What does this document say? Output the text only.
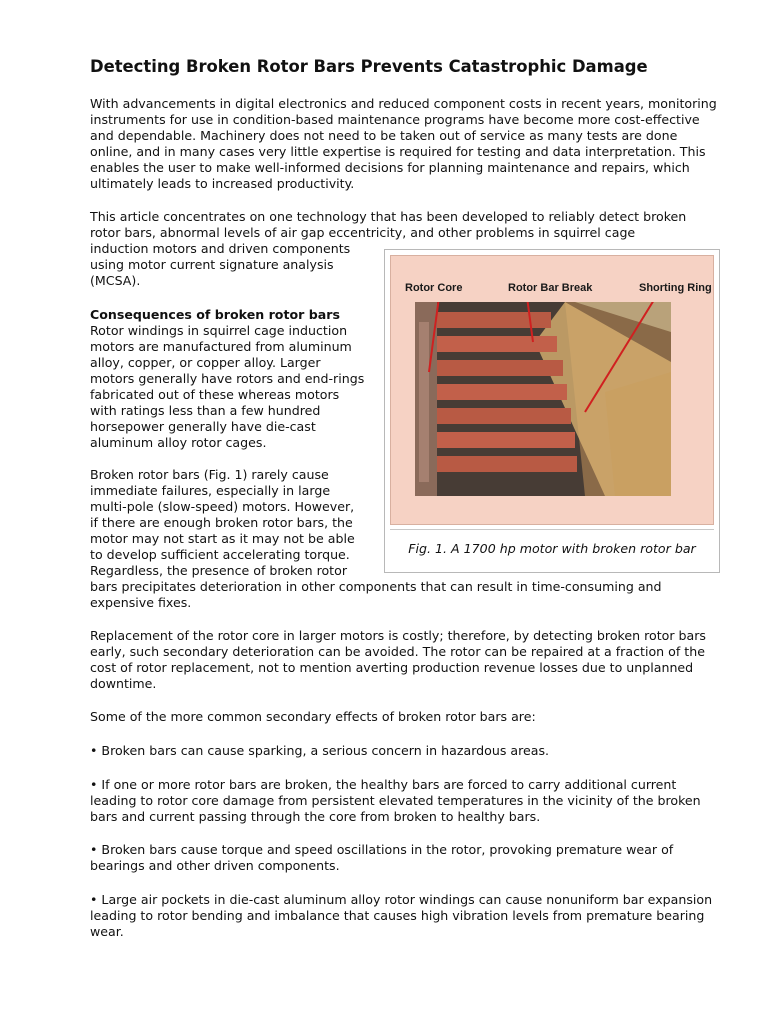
Detecting Broken Rotor Bars Prevents Catastrophic Damage

With advancements in digital electronics and reduced component costs in recent years, monitoring instruments for use in condition-based maintenance programs have become more cost-effective and dependable. Machinery does not need to be taken out of service as many tests are done online, and in many cases very little expertise is required for testing and data interpretation. This enables the user to make well-informed decisions for planning maintenance and repairs, which ultimately leads to increased productivity.

This article concentrates on one technology that has been developed to reliably detect broken
rotor bars, abnormal levels of air gap eccentricity, and other problems in squirrel cage
induction motors and driven components
using motor current signature analysis
(MCSA).
Consequences of broken rotor bars
Rotor windings in squirrel cage induction
motors are manufactured from aluminum
alloy, copper, or copper alloy. Larger
motors generally have rotors and end-rings
fabricated out of these whereas motors
with ratings less than a few hundred
horsepower generally have die-cast
aluminum alloy rotor cages.
Broken rotor bars (Fig. 1) rarely cause
immediate failures, especially in large
multi-pole (slow-speed) motors. However,
if there are enough broken rotor bars, the
motor may not start as it may not be able
to develop sufficient accelerating torque.
Regardless, the presence of broken rotor
bars precipitates deterioration in other components that can result in time-consuming and
expensive fixes.

Replacement of the rotor core in larger motors is costly; therefore, by detecting broken rotor bars early, such secondary deterioration can be avoided. The rotor can be repaired at a fraction of the cost of rotor replacement, not to mention averting production revenue losses due to unplanned downtime.

Some of the more common secondary effects of broken rotor bars are:

• Broken bars can cause sparking, a serious concern in hazardous areas.

• If one or more rotor bars are broken, the healthy bars are forced to carry additional current leading to rotor core damage from persistent elevated temperatures in the vicinity of the broken bars and current passing through the core from broken to healthy bars.

• Broken bars cause torque and speed oscillations in the rotor, provoking premature wear of bearings and other driven components.

• Large air pockets in die-cast aluminum alloy rotor windings can cause nonuniform bar expansion leading to rotor bending and imbalance that causes high vibration levels from premature bearing wear.

Rotor Core	Rotor Bar Break	Shorting Ring
Fig. 1. A 1700 hp motor with broken rotor bar
